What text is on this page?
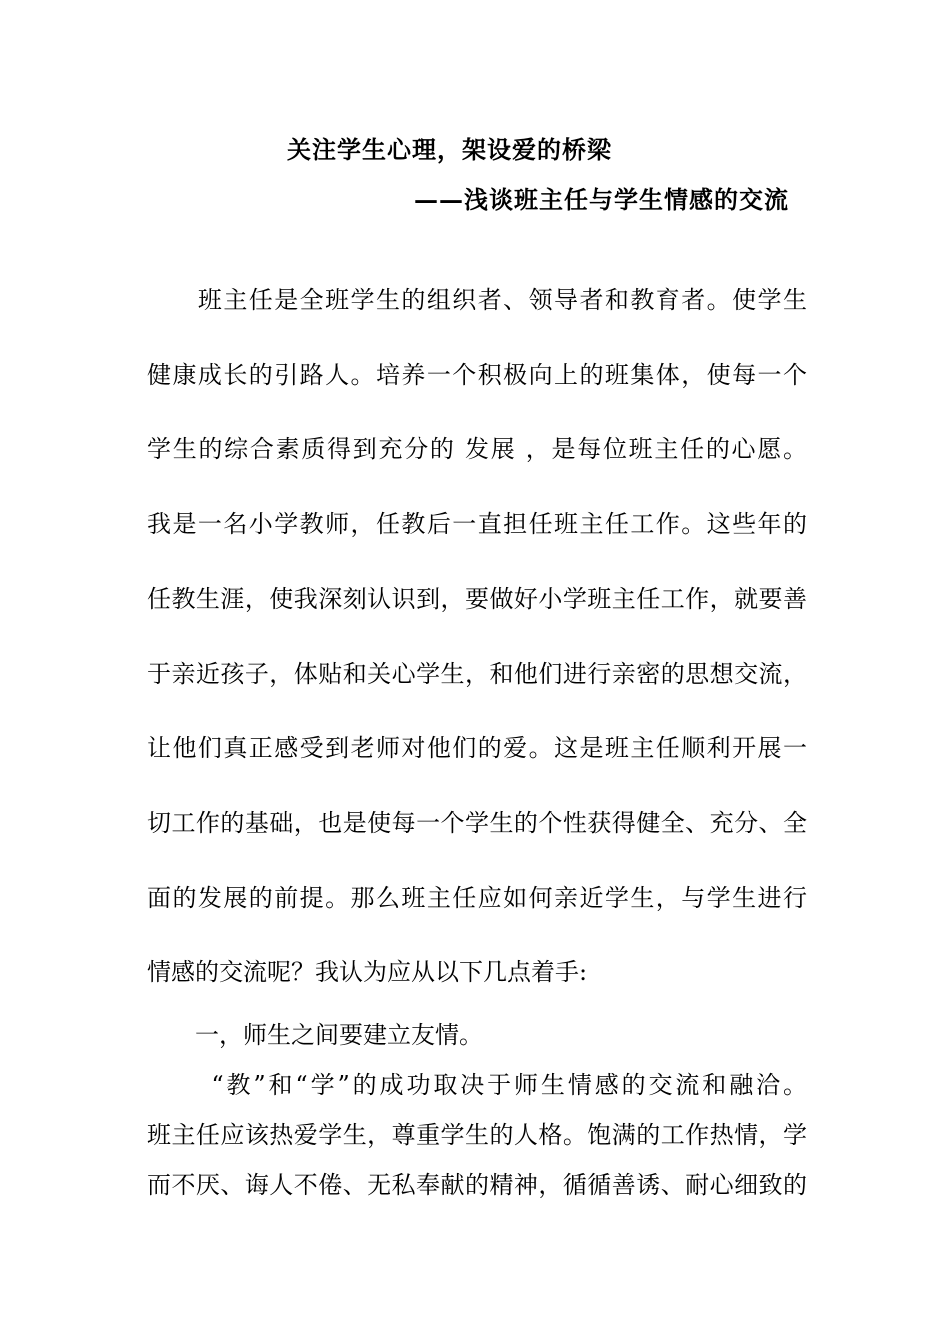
关注学生心理，架设爱的桥梁
——浅谈班主任与学生情感的交流
　　班主任是全班学生的组织者、领导者和教育者。使学生
健康成长的引路人。培养一个积极向上的班集体，使每一个
学生的综合素质得到充分的 发展 ，是每位班主任的心愿。
我是一名小学教师，任教后一直担任班主任工作。这些年的
任教生涯，使我深刻认识到，要做好小学班主任工作，就要善
于亲近孩子，体贴和关心学生，和他们进行亲密的思想交流，
让他们真正感受到老师对他们的爱。这是班主任顺利开展一
切工作的基础，也是使每一个学生的个性获得健全、充分、全
面的发展的前提。那么班主任应如何亲近学生，与学生进行
情感的交流呢？我认为应从以下几点着手:
　　一，师生之间要建立友情。
　　 “教”和“学”的成功取决于师生情感的交流和融洽。
班主任应该热爱学生，尊重学生的人格。饱满的工作热情，学
而不厌、诲人不倦、无私奉献的精神，循循善诱、耐心细致的
